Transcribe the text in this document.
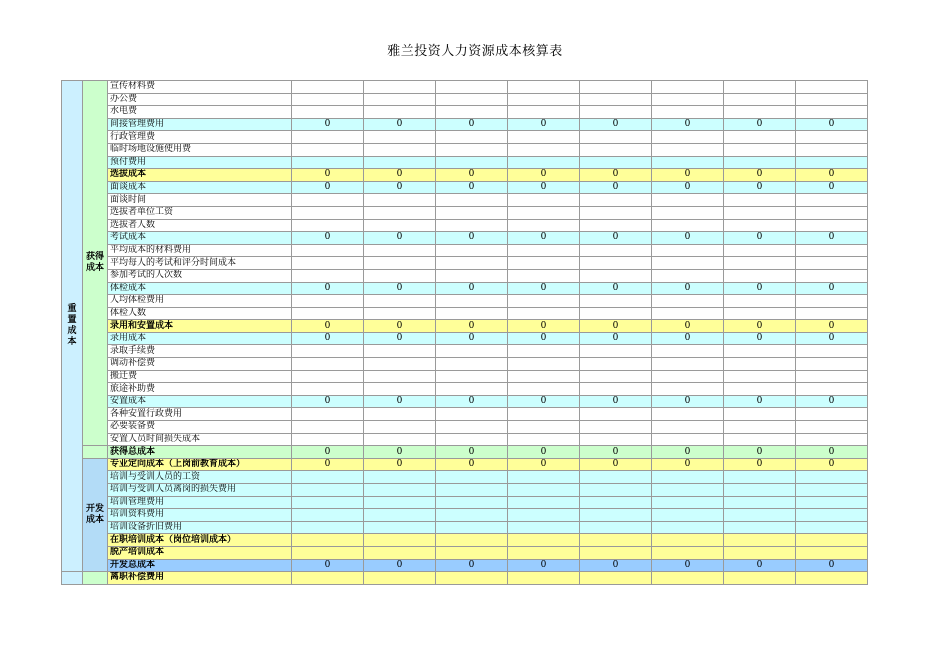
雅兰投资人力资源成本核算表
重置成本	获得成本	宣传材料费								
		办公费								
		水电费								
		间接管理费用	0	0	0	0	0	0	0	0
		行政管理费								
		临时场地设施使用费								
		预付费用								
		选拔成本	0	0	0	0	0	0	0	0
		面谈成本	0	0	0	0	0	0	0	0
		面谈时间								
		选拔者单位工资								
		选拔者人数								
		考试成本	0	0	0	0	0	0	0	0
		平均成本的材料费用								
		平均每人的考试和评分时间成本								
		参加考试的人次数								
		体检成本	0	0	0	0	0	0	0	0
		人均体检费用								
		体检人数								
		录用和安置成本	0	0	0	0	0	0	0	0
		录用成本	0	0	0	0	0	0	0	0
		录取手续费								
		调动补偿费								
		搬迁费								
		旅途补助费								
		安置成本	0	0	0	0	0	0	0	0
		各种安置行政费用								
		必要装备费								
		安置人员时间损失成本								
		获得总成本	0	0	0	0	0	0	0	0
	开发成本	专业定向成本（上岗前教育成本）	0	0	0	0	0	0	0	0
		培训与受训人员的工资								
		培训与受训人员离岗的损失费用								
		培训管理费用								
		培训资料费用								
		培训设备折旧费用								
		在职培训成本（岗位培训成本）								
		脱产培训成本								
		开发总成本	0	0	0	0	0	0	0	0
		离职补偿费用								
